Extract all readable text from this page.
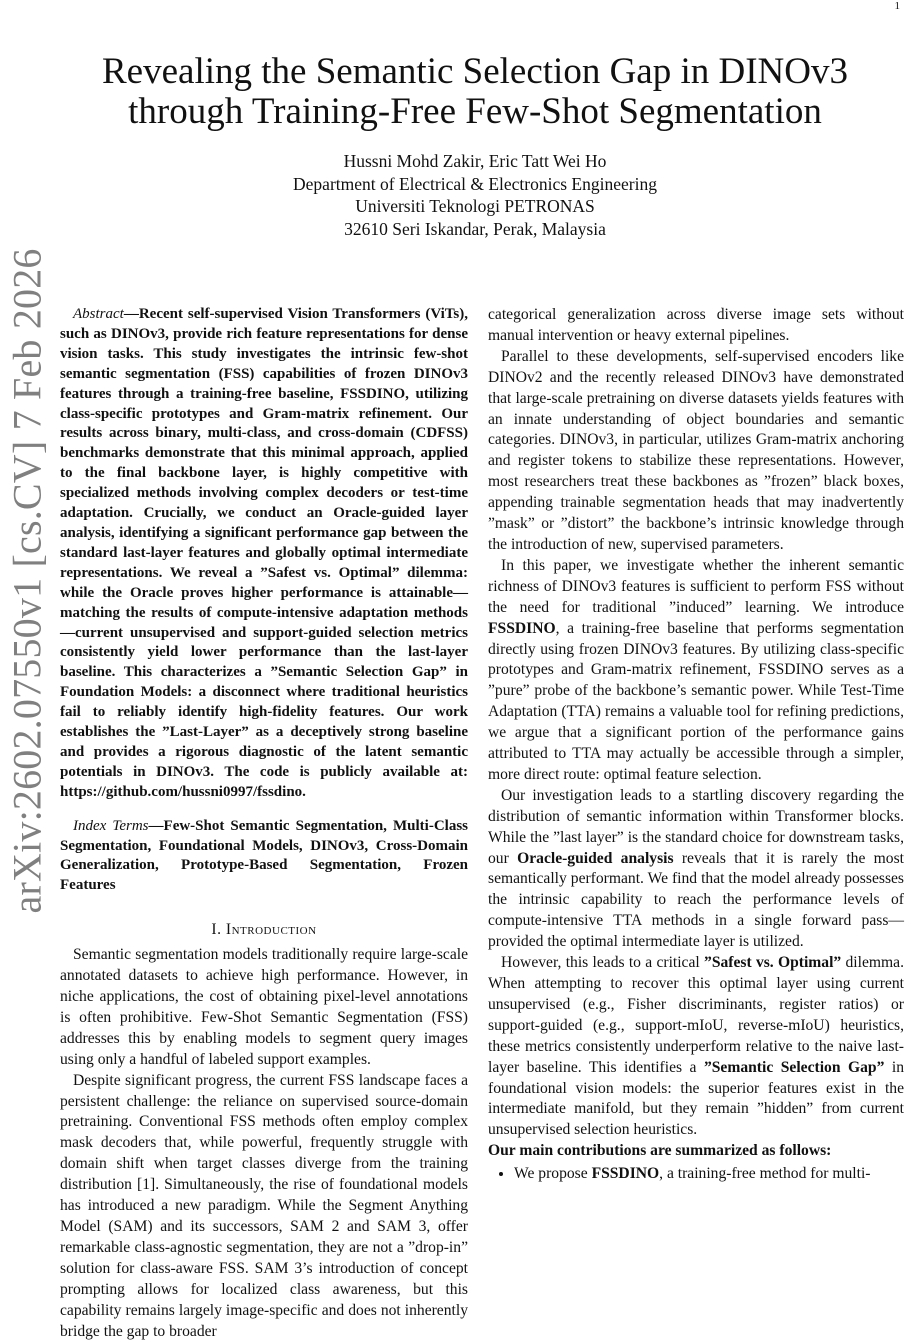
1
arXiv:2602.07550v1 [cs.CV] 7 Feb 2026
Revealing the Semantic Selection Gap in DINOv3
through Training-Free Few-Shot Segmentation
Hussni Mohd Zakir, Eric Tatt Wei Ho
Department of Electrical & Electronics Engineering
Universiti Teknologi PETRONAS
32610 Seri Iskandar, Perak, Malaysia

Abstract—Recent self-supervised Vision Transformers (ViTs), such as DINOv3, provide rich feature representations for dense vision tasks. This study investigates the intrinsic few-shot semantic segmentation (FSS) capabilities of frozen DINOv3 features through a training-free baseline, FSSDINO, utilizing class-specific prototypes and Gram-matrix refinement. Our results across binary, multi-class, and cross-domain (CDFSS) benchmarks demonstrate that this minimal approach, applied to the final backbone layer, is highly competitive with specialized methods involving complex decoders or test-time adaptation. Crucially, we conduct an Oracle-guided layer analysis, identifying a significant performance gap between the standard last-layer features and globally optimal intermediate representations. We reveal a ”Safest vs. Optimal” dilemma: while the Oracle proves higher performance is attainable—matching the results of compute-intensive adaptation methods—current unsupervised and support-guided selection metrics consistently yield lower performance than the last-layer baseline. This characterizes a ”Semantic Selection Gap” in Foundation Models: a disconnect where traditional heuristics fail to reliably identify high-fidelity features. Our work establishes the ”Last-Layer” as a deceptively strong baseline and provides a rigorous diagnostic of the latent semantic potentials in DINOv3. The code is publicly available at: https://github.com/hussni0997/fssdino.

Index Terms—Few-Shot Semantic Segmentation, Multi-Class Segmentation, Foundational Models, DINOv3, Cross-Domain Generalization, Prototype-Based Segmentation, Frozen Features

I. Introduction

Semantic segmentation models traditionally require large-scale annotated datasets to achieve high performance. However, in niche applications, the cost of obtaining pixel-level annotations is often prohibitive. Few-Shot Semantic Segmentation (FSS) addresses this by enabling models to segment query images using only a handful of labeled support examples.

Despite significant progress, the current FSS landscape faces a persistent challenge: the reliance on supervised source-domain pretraining. Conventional FSS methods often employ complex mask decoders that, while powerful, frequently struggle with domain shift when target classes diverge from the training distribution [1]. Simultaneously, the rise of foundational models has introduced a new paradigm. While the Segment Anything Model (SAM) and its successors, SAM 2 and SAM 3, offer remarkable class-agnostic segmentation, they are not a ”drop-in” solution for class-aware FSS. SAM 3’s introduction of concept prompting allows for localized class awareness, but this capability remains largely image-specific and does not inherently bridge the gap to broader

categorical generalization across diverse image sets without manual intervention or heavy external pipelines.

Parallel to these developments, self-supervised encoders like DINOv2 and the recently released DINOv3 have demonstrated that large-scale pretraining on diverse datasets yields features with an innate understanding of object boundaries and semantic categories. DINOv3, in particular, utilizes Gram-matrix anchoring and register tokens to stabilize these representations. However, most researchers treat these backbones as ”frozen” black boxes, appending trainable segmentation heads that may inadvertently ”mask” or ”distort” the backbone’s intrinsic knowledge through the introduction of new, supervised parameters.

In this paper, we investigate whether the inherent semantic richness of DINOv3 features is sufficient to perform FSS without the need for traditional ”induced” learning. We introduce FSSDINO, a training-free baseline that performs segmentation directly using frozen DINOv3 features. By utilizing class-specific prototypes and Gram-matrix refinement, FSSDINO serves as a ”pure” probe of the backbone’s semantic power. While Test-Time Adaptation (TTA) remains a valuable tool for refining predictions, we argue that a significant portion of the performance gains attributed to TTA may actually be accessible through a simpler, more direct route: optimal feature selection.

Our investigation leads to a startling discovery regarding the distribution of semantic information within Transformer blocks. While the ”last layer” is the standard choice for downstream tasks, our Oracle-guided analysis reveals that it is rarely the most semantically performant. We find that the model already possesses the intrinsic capability to reach the performance levels of compute-intensive TTA methods in a single forward pass—provided the optimal intermediate layer is utilized.

However, this leads to a critical ”Safest vs. Optimal” dilemma. When attempting to recover this optimal layer using current unsupervised (e.g., Fisher discriminants, register ratios) or support-guided (e.g., support-mIoU, reverse-mIoU) heuristics, these metrics consistently underperform relative to the naive last-layer baseline. This identifies a ”Semantic Selection Gap” in foundational vision models: the superior features exist in the intermediate manifold, but they remain ”hidden” from current unsupervised selection heuristics.

Our main contributions are summarized as follows:

• We propose FSSDINO, a training-free method for multi-
